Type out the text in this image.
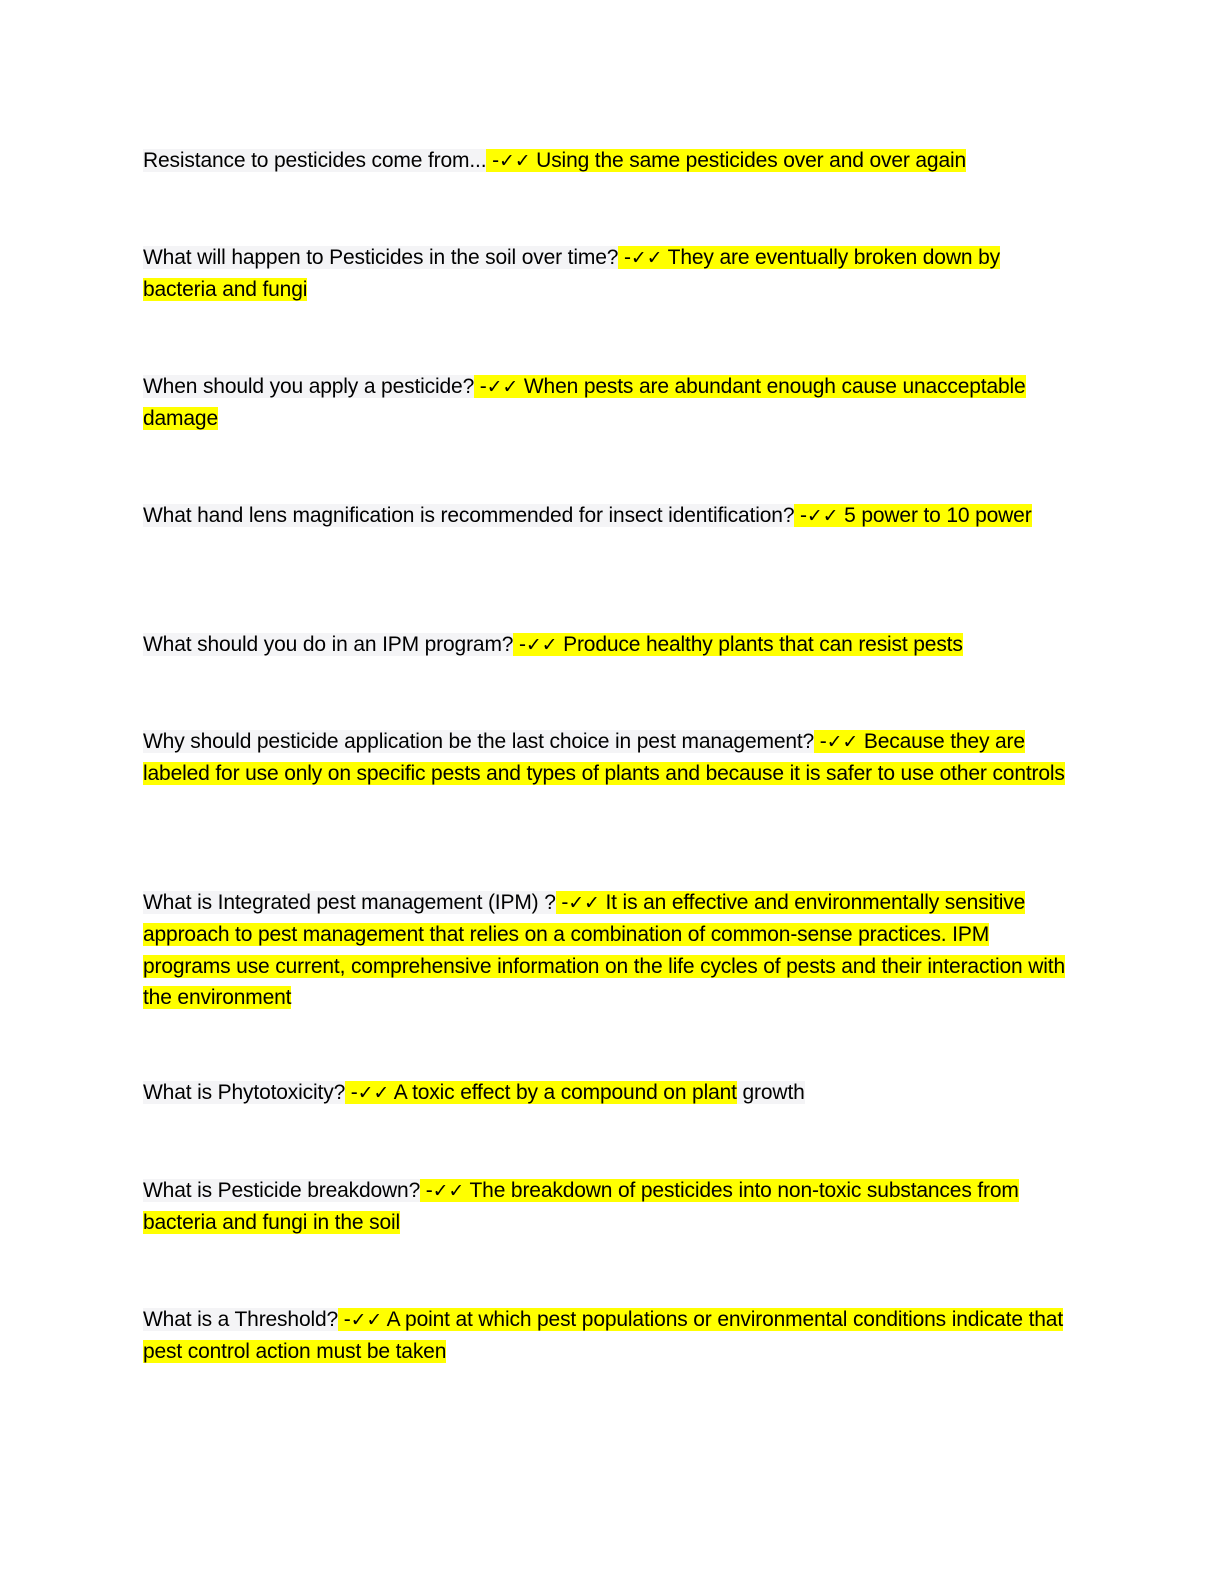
Resistance to pesticides come from... -✓✓ Using the same pesticides over and over again
What will happen to Pesticides in the soil over time? -✓✓ They are eventually broken down by bacteria and fungi
When should you apply a pesticide? -✓✓ When pests are abundant enough cause unacceptable damage
What hand lens magnification is recommended for insect identification? -✓✓ 5 power to 10 power
What should you do in an IPM program? -✓✓ Produce healthy plants that can resist pests
Why should pesticide application be the last choice in pest management? -✓✓ Because they are labeled for use only on specific pests and types of plants and because it is safer to use other controls
What is Integrated pest management (IPM) ? -✓✓ It is an effective and environmentally sensitive approach to pest management that relies on a combination of common-sense practices. IPM programs use current, comprehensive information on the life cycles of pests and their interaction with the environment
What is Phytotoxicity? -✓✓ A toxic effect by a compound on plant growth
What is Pesticide breakdown? -✓✓ The breakdown of pesticides into non-toxic substances from bacteria and fungi in the soil
What is a Threshold? -✓✓ A point at which pest populations or environmental conditions indicate that pest control action must be taken
